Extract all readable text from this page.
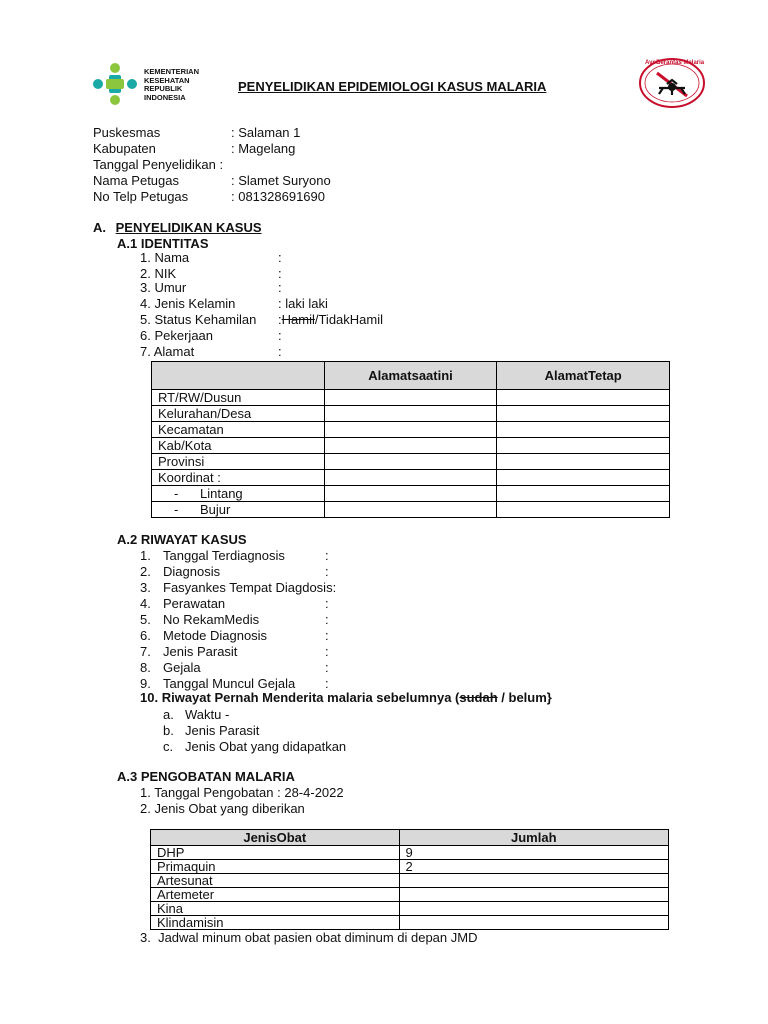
KEMENTERIAN
KESEHATAN
REPUBLIK
INDONESIA
PENYELIDIKAN EPIDEMIOLOGI KASUS MALARIA
AyoBerantas Malaria
Puskesmas	: Salaman 1
Kabupaten	: Magelang
Tanggal Penyelidikan :
Nama Petugas	: Slamet Suryono
No Telp Petugas	: 081328691690
A. PENYELIDIKAN KASUS
A.1 IDENTITAS
1. Nama	:
2. NIK	:
3. Umur	:
4. Jenis Kelamin	: laki laki
5. Status Kehamilan :Hamil/TidakHamil
6. Pekerjaan	:
7. Alamat	:
	Alamatsaatini	AlamatTetap
RT/RW/Dusun		
Kelurahan/Desa		
Kecamatan		
Kab/Kota		
Provinsi		
Koordinat :		
-      Lintang		
-      Bujur		
A.2 RIWAYAT KASUS
1. Tanggal Terdiagnosis	:
2. Diagnosis	:
3. Fasyankes Tempat Diagdosis:
4. Perawatan	:
5. No RekamMedis	:
6. Metode Diagnosis	:
7. Jenis Parasit	:
8. Gejala	:
9. Tanggal Muncul Gejala :
10. Riwayat Pernah Menderita malaria sebelumnya (sudah / belum}
a. Waktu -
b. Jenis Parasit
c. Jenis Obat yang didapatkan
A.3 PENGOBATAN MALARIA
1. Tanggal Pengobatan : 28-4-2022
2. Jenis Obat yang diberikan
JenisObat	Jumlah
DHP	9
Primaquin	2
Artesunat	
Artemeter	
Kina	
Klindamisin	
3. Jadwal minum obat pasien obat diminum di depan JMD
